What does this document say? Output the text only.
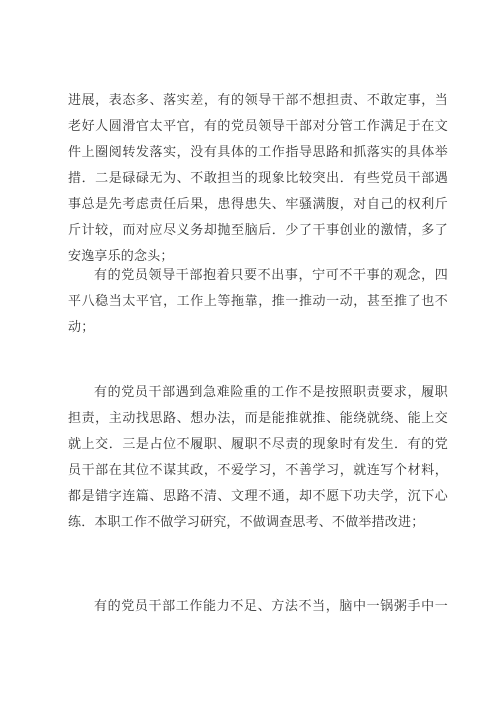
进展，表态多、落实差，有的领导干部不想担责、不敢定事，当
老好人圆滑官太平官，有的党员领导干部对分管工作满足于在文
件上圈阅转发落实，没有具体的工作指导思路和抓落实的具体举
措．二是碌碌无为、不敢担当的现象比较突出．有些党员干部遇
事总是先考虑责任后果，患得患失、牢骚满腹，对自己的权利斤
斤计较，而对应尽义务却抛至脑后．少了干事创业的激情，多了
安逸享乐的念头；
有的党员领导干部抱着只要不出事，宁可不干事的观念，四
平八稳当太平官，工作上等拖靠，推一推动一动，甚至推了也不
动；
有的党员干部遇到急难险重的工作不是按照职责要求，履职
担责，主动找思路、想办法，而是能推就推、能绕就绕、能上交
就上交．三是占位不履职、履职不尽责的现象时有发生．有的党
员干部在其位不谋其政，不爱学习，不善学习，就连写个材料，
都是错字连篇、思路不清、文理不通，却不愿下功夫学，沉下心
练．本职工作不做学习研究，不做调查思考、不做举措改进；
有的党员干部工作能力不足、方法不当，脑中一锅粥手中一
